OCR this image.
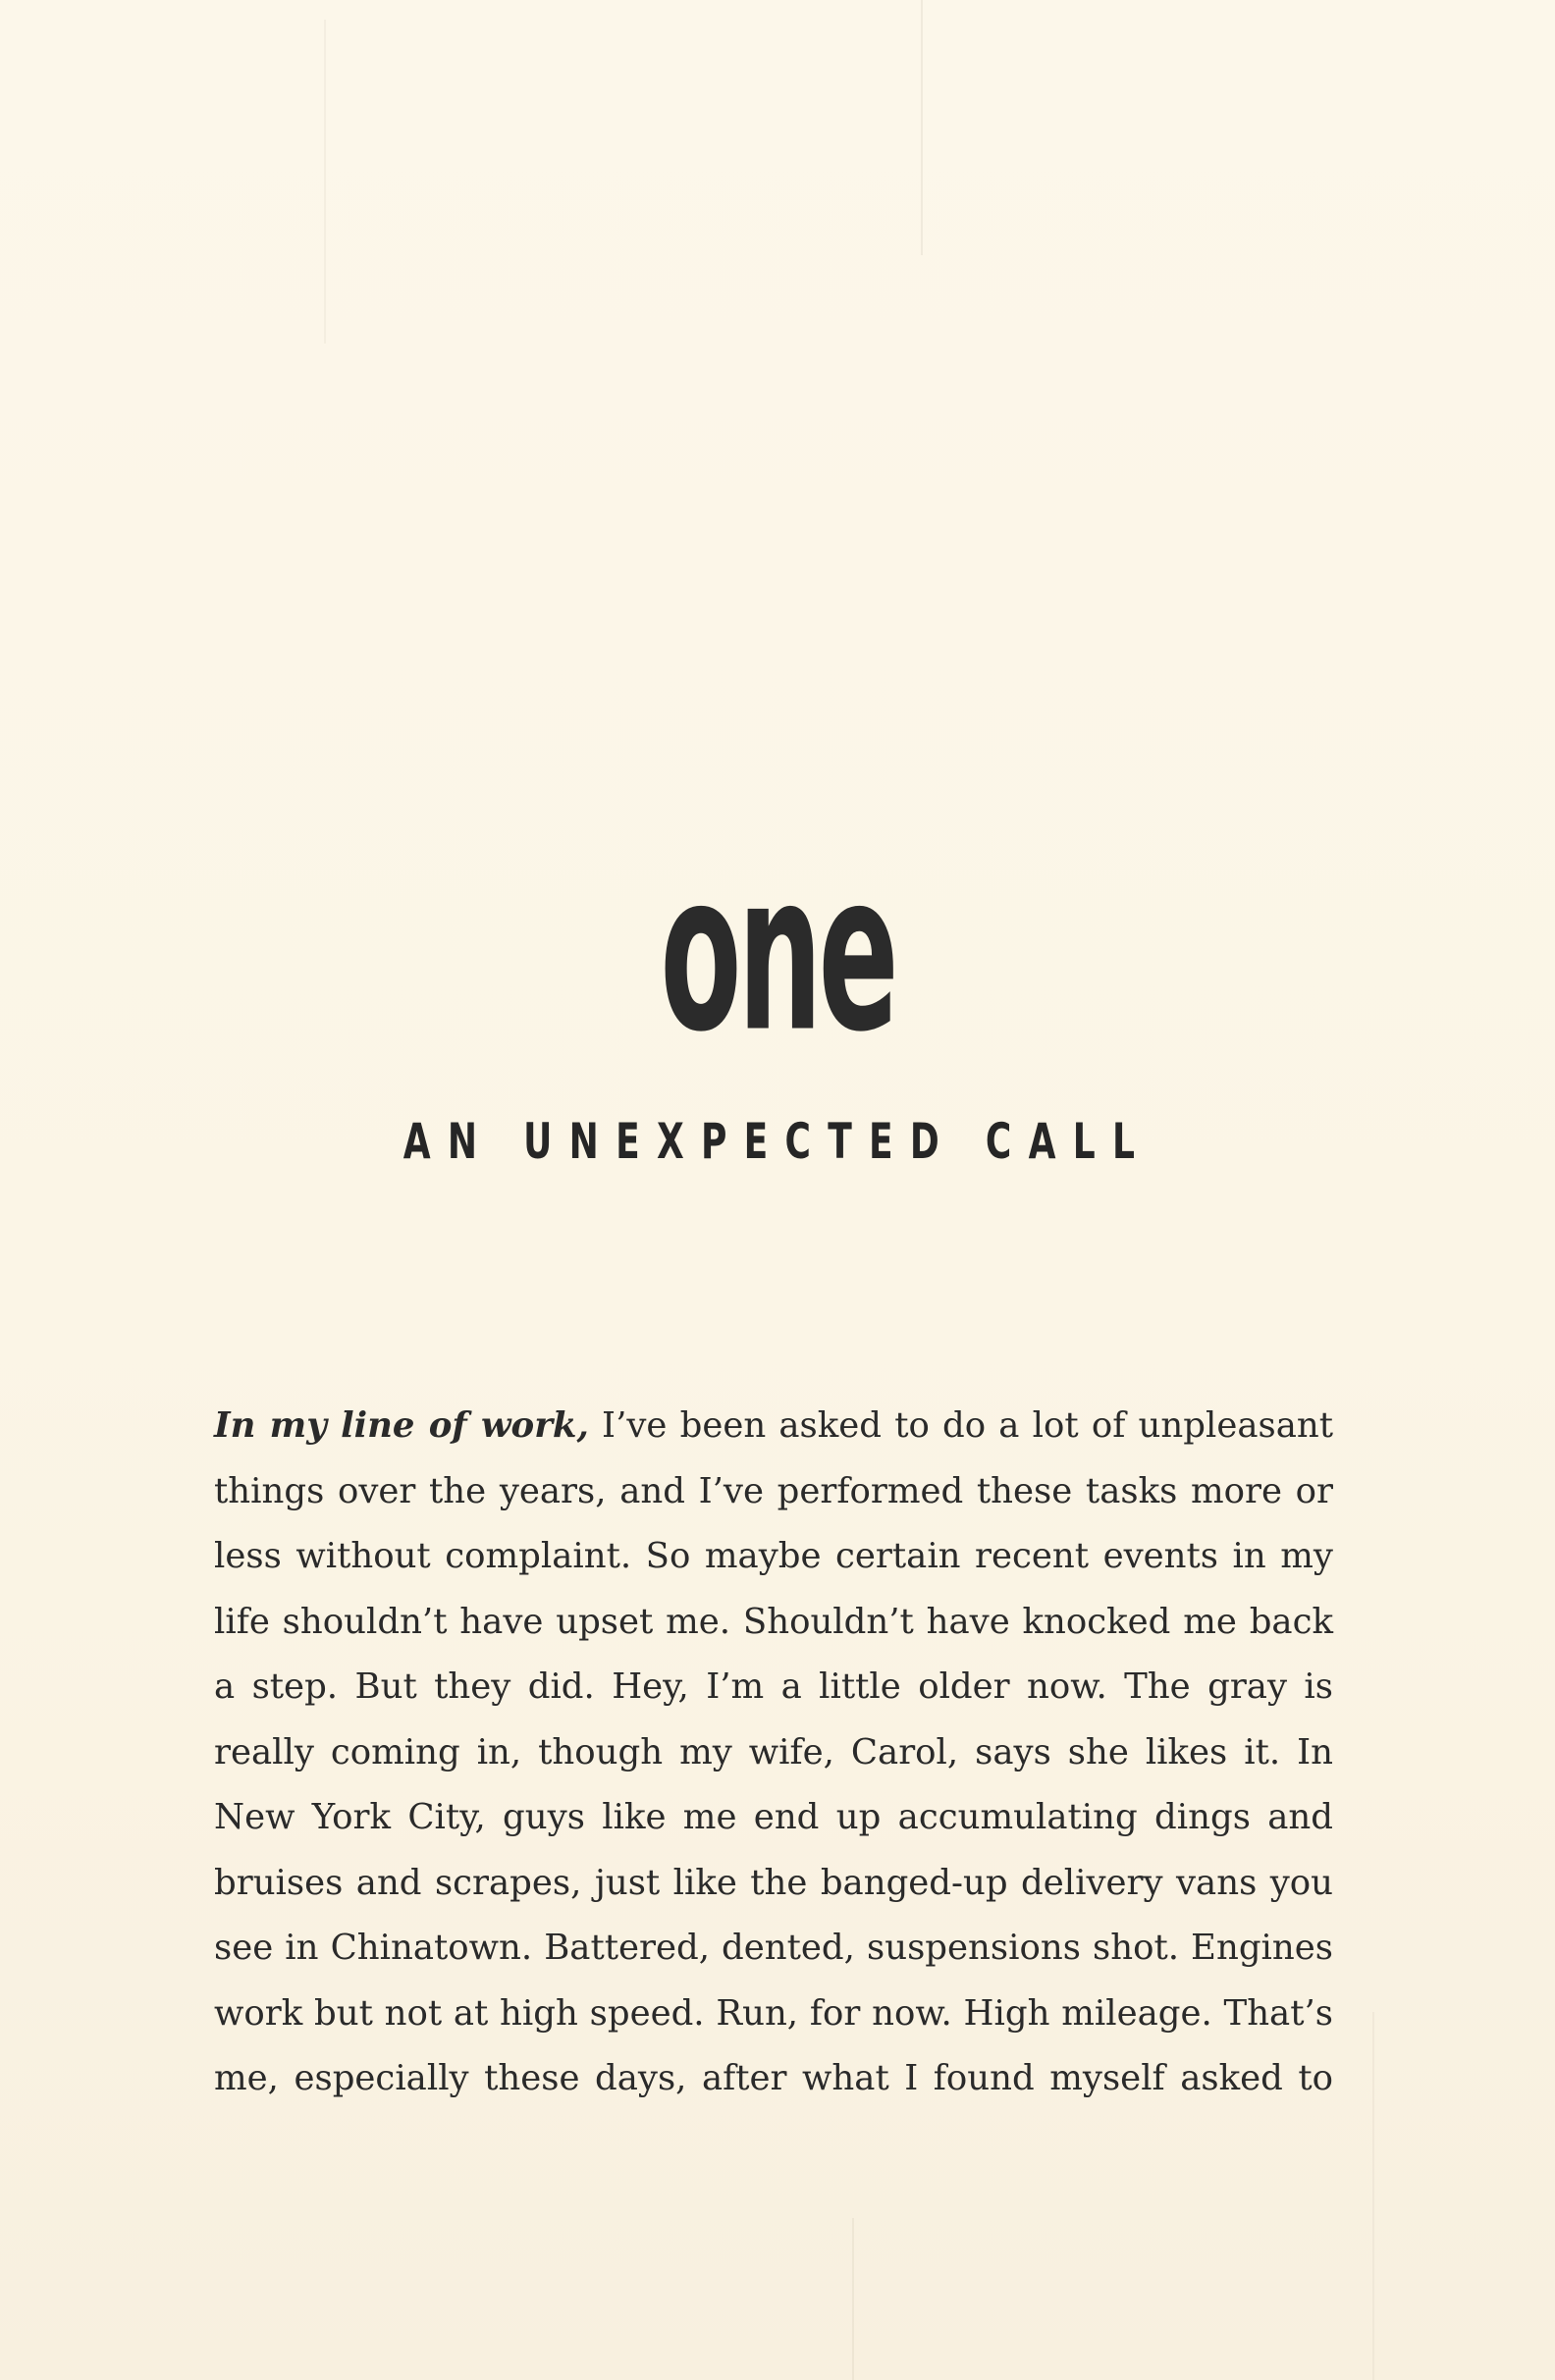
one
AN UNEXPECTED CALL
In my line of work, I’ve been asked to do a lot of unpleasant
things over the years, and I’ve performed these tasks more or
less without complaint. So maybe certain recent events in my
life shouldn’t have upset me. Shouldn’t have knocked me back
a step. But they did. Hey, I’m a little older now. The gray is
really coming in, though my wife, Carol, says she likes it. In
New York City, guys like me end up accumulating dings and
bruises and scrapes, just like the banged-up delivery vans you
see in Chinatown. Battered, dented, suspensions shot. Engines
work but not at high speed. Run, for now. High mileage. That’s
me, especially these days, after what I found myself asked to
